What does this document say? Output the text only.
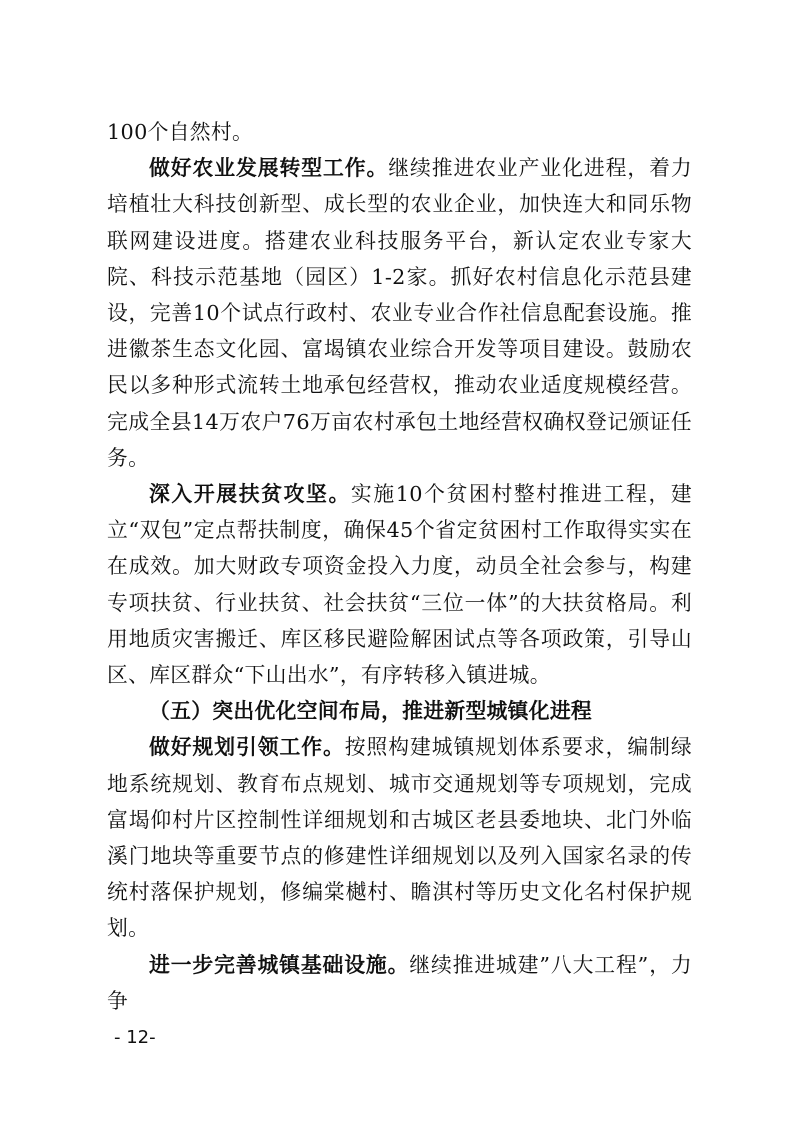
100个自然村。

做好农业发展转型工作。继续推进农业产业化进程，着力培植壮大科技创新型、成长型的农业企业，加快连大和同乐物联网建设进度。搭建农业科技服务平台，新认定农业专家大院、科技示范基地（园区）1-2家。抓好农村信息化示范县建设，完善10个试点行政村、农业专业合作社信息配套设施。推进徽茶生态文化园、富堨镇农业综合开发等项目建设。鼓励农民以多种形式流转土地承包经营权，推动农业适度规模经营。完成全县14万农户76万亩农村承包土地经营权确权登记颁证任务。

深入开展扶贫攻坚。实施10个贫困村整村推进工程，建立“双包”定点帮扶制度，确保45个省定贫困村工作取得实实在在成效。加大财政专项资金投入力度，动员全社会参与，构建专项扶贫、行业扶贫、社会扶贫“三位一体”的大扶贫格局。利用地质灾害搬迁、库区移民避险解困试点等各项政策，引导山区、库区群众“下山出水”，有序转移入镇进城。

（五）突出优化空间布局，推进新型城镇化进程

做好规划引领工作。按照构建城镇规划体系要求，编制绿地系统规划、教育布点规划、城市交通规划等专项规划，完成富堨仰村片区控制性详细规划和古城区老县委地块、北门外临溪门地块等重要节点的修建性详细规划以及列入国家名录的传统村落保护规划，修编棠樾村、瞻淇村等历史文化名村保护规划。

进一步完善城镇基础设施。继续推进城建”八大工程”，力争

- 12-
